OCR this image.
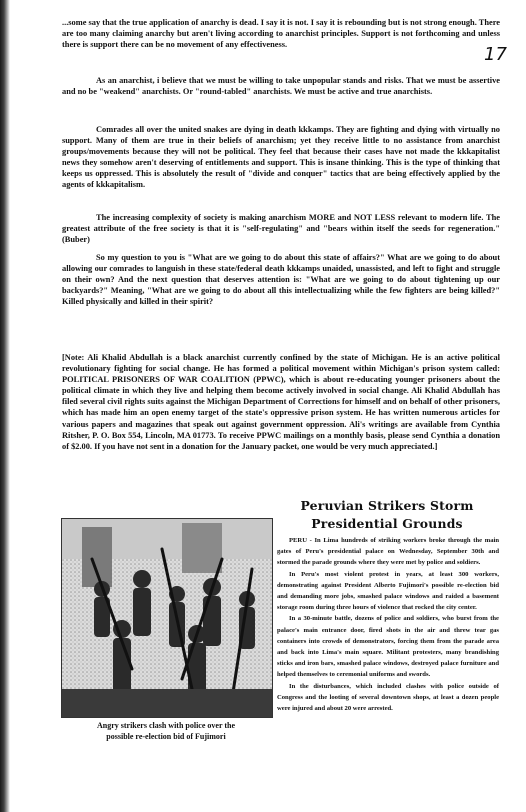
17

...some say that the true application of anarchy is dead. I say it is not. I say it is rebounding but is not strong enough. There are too many claiming anarchy but aren't living according to anarchist principles. Support is not forthcoming and unless there is support there can be no movement of any effectiveness.

As an anarchist, i believe that we must be willing to take unpopular stands and risks. That we must be assertive and no be "weakend" anarchists. Or "round-tabled" anarchists. We must be active and true anarchists.

Comrades all over the united snakes are dying in death kkkamps. They are fighting and dying with virtually no support. Many of them are true in their beliefs of anarchism; yet they receive little to no assistance from anarchist groups/movements because they will not be political. They feel that because their cases have not made the kkkapitalist news they somehow aren't deserving of entitlements and support. This is insane thinking. This is the type of thinking that keeps us oppressed. This is absolutely the result of "divide and conquer" tactics that are being effectively applied by the agents of kkkapitalism.

The increasing complexity of society is making anarchism MORE and NOT LESS relevant to modern life. The greatest attribute of the free society is that it is "self-regulating" and "bears within itself the seeds for regeneration." (Buber)

So my question to you is "What are we going to do about this state of affairs?" What are we going to do about allowing our comrades to languish in these state/federal death kkkamps unaided, unassisted, and left to fight and struggle on their own? And the next question that deserves attention is: "What are we going to do about tightening up our backyards?" Meaning, "What are we going to do about all this intellectualizing while the few fighters are being killed?" Killed physically and killed in their spirit?

[Note: Ali Khalid Abdullah is a black anarchist currently confined by the state of Michigan. He is an active political revolutionary fighting for social change. He has formed a political movement within Michigan's prison system called: POLITICAL PRISONERS OF WAR COALITION (PPWC), which is about re-educating younger prisoners about the political climate in which they live and helping them become actively involved in social change. Ali Khalid Abdullah has filed several civil rights suits against the Michigan Department of Corrections for himself and on behalf of other prisoners, which has made him an open enemy target of the state's oppressive prison system. He has written numerous articles for various papers and magazines that speak out against government oppression. Ali's writings are available from Cynthia Ritsher, P. O. Box 554, Lincoln, MA 01773. To receive PPWC mailings on a monthly basis, please send Cynthia a donation of $2.00. If you have not sent in a donation for the January packet, one would be very much appreciated.]

Angry strikers clash with police over the
possible re-election bid of Fujimori
Peruvian Strikers Storm
Presidential Grounds

PERU - In Lima hundreds of striking workers broke through the main gates of Peru's presidential palace on Wednesday, September 30th and stormed the parade grounds where they were met by police and soldiers.

In Peru's most violent protest in years, at least 300 workers, demonstrating against President Alberto Fujimori's possible re-election bid and demanding more jobs, smashed palace windows and raided a basement storage room during three hours of violence that rocked the city center.

In a 30-minute battle, dozens of police and soldiers, who burst from the palace's main entrance door, fired shots in the air and threw tear gas containers into crowds of demonstrators, forcing them from the parade area and back into Lima's main square. Militant protesters, many brandishing sticks and iron bars, smashed palace windows, destroyed palace furniture and helped themselves to ceremonial uniforms and swords.

In the disturbances, which included clashes with police outside of Congress and the looting of several downtown shops, at least a dozen people were injured and about 20 were arrested.
